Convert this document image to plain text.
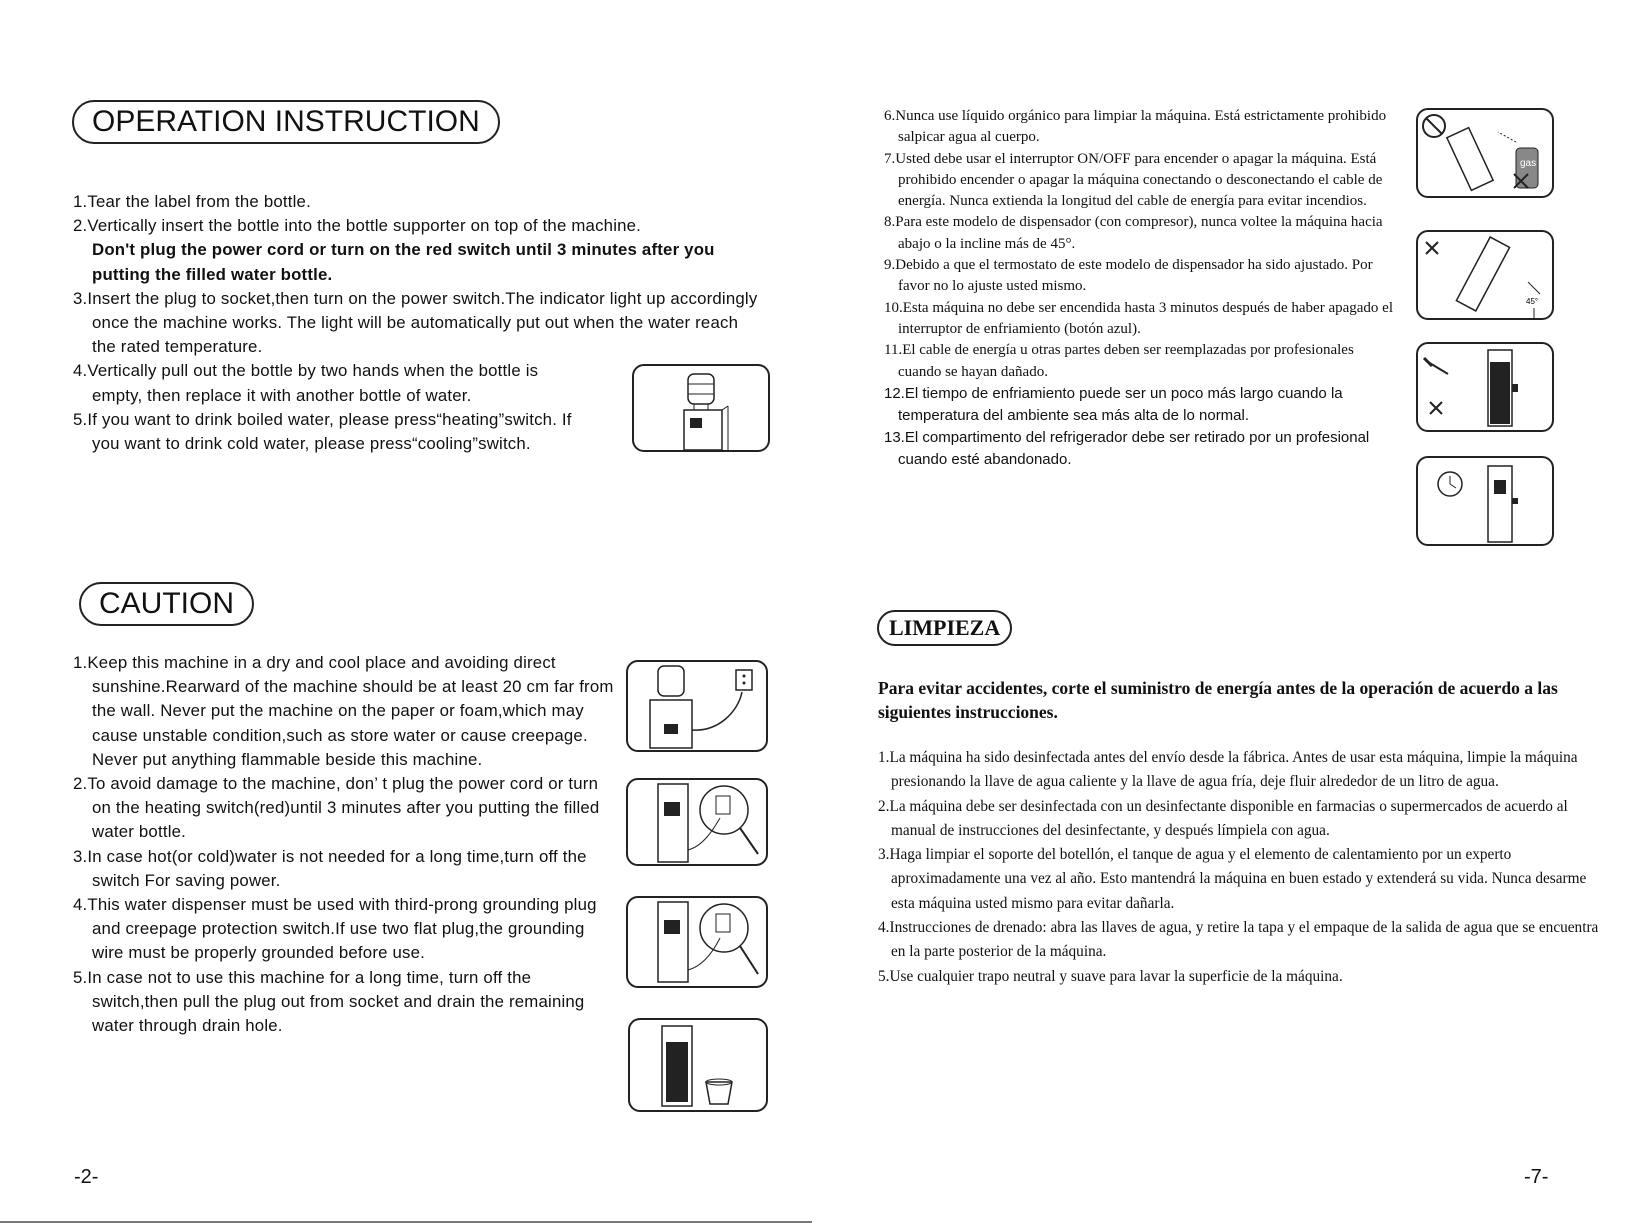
OPERATION INSTRUCTION
1.Tear the label from the bottle.
2.Vertically insert the bottle into the bottle supporter on top of the machine.
Don't plug the power cord or turn on the red switch until 3 minutes after you putting the filled water bottle.
3.Insert the plug to socket,then turn on the power switch.The indicator light up accordingly once the machine works. The light will be automatically put out when the water reach the rated temperature.
4.Vertically pull out the bottle by two hands when the bottle is empty, then replace it with another bottle of water.
5.If you want to drink boiled water, please press“heating”switch. If you want to drink cold water, please press“cooling”switch.
CAUTION
1.Keep this machine in a dry and cool place and avoiding direct sunshine.Rearward of the machine should be at least 20 cm far from the wall. Never put the machine on the paper or foam,which may cause unstable condition,such as store water or cause creepage. Never put anything flammable beside this machine.
2.To avoid damage to the machine, don’ t plug the power cord or turn on the heating switch(red)until 3 minutes after you putting the filled water bottle.
3.In case hot(or cold)water is not needed for a long time,turn off the switch For saving power.
4.This water dispenser must be used with third-prong grounding plug and creepage protection switch.If use two flat plug,the grounding wire must be properly grounded before use.
5.In case not to use this machine for a long time, turn off the switch,then pull the plug out from socket and drain the remaining water through drain hole.
-2-
6.Nunca use líquido orgánico para limpiar la máquina. Está estrictamente prohibido salpicar agua al cuerpo.
7.Usted debe usar el interruptor ON/OFF para encender o apagar la máquina. Está prohibido encender o apagar la máquina conectando o desconectando el cable de energía. Nunca extienda la longitud del cable de energía para evitar incendios.
8.Para este modelo de dispensador (con compresor), nunca voltee la máquina hacia abajo o la incline más de 45°.
9.Debido a que el termostato de este modelo de dispensador ha sido ajustado. Por favor no lo ajuste usted mismo.
10.Esta máquina no debe ser encendida hasta 3 minutos después de haber apagado el interruptor de enfriamiento (botón azul).
11.El cable de energía u otras partes deben ser reemplazadas por profesionales cuando se hayan dañado.
12.El tiempo de enfriamiento puede ser un poco más largo cuando la temperatura del ambiente sea más alta de lo normal.
13.El compartimento del refrigerador debe ser retirado por un profesional cuando esté abandonado.
gas
45°
LIMPIEZA

Para evitar accidentes, corte el suministro de energía antes de la operación de acuerdo a las siguientes instrucciones.

1.La máquina ha sido desinfectada antes del envío desde la fábrica. Antes de usar esta máquina, limpie la máquina presionando la llave de agua caliente y la llave de agua fría, deje fluir alrededor de un litro de agua.
2.La máquina debe ser desinfectada con un desinfectante disponible en farmacias o supermercados de acuerdo al manual de instrucciones del desinfectante, y después límpiela con agua.
3.Haga limpiar el soporte del botellón, el tanque de agua y el elemento de calentamiento por un experto aproximadamente una vez al año. Esto mantendrá la máquina en buen estado y extenderá su vida. Nunca desarme esta máquina usted mismo para evitar dañarla.
4.Instrucciones de drenado: abra las llaves de agua, y retire la tapa y el empaque de la salida de agua que se encuentra en la parte posterior de la máquina.
5.Use cualquier trapo neutral y suave para lavar la superficie de la máquina.
-7-
